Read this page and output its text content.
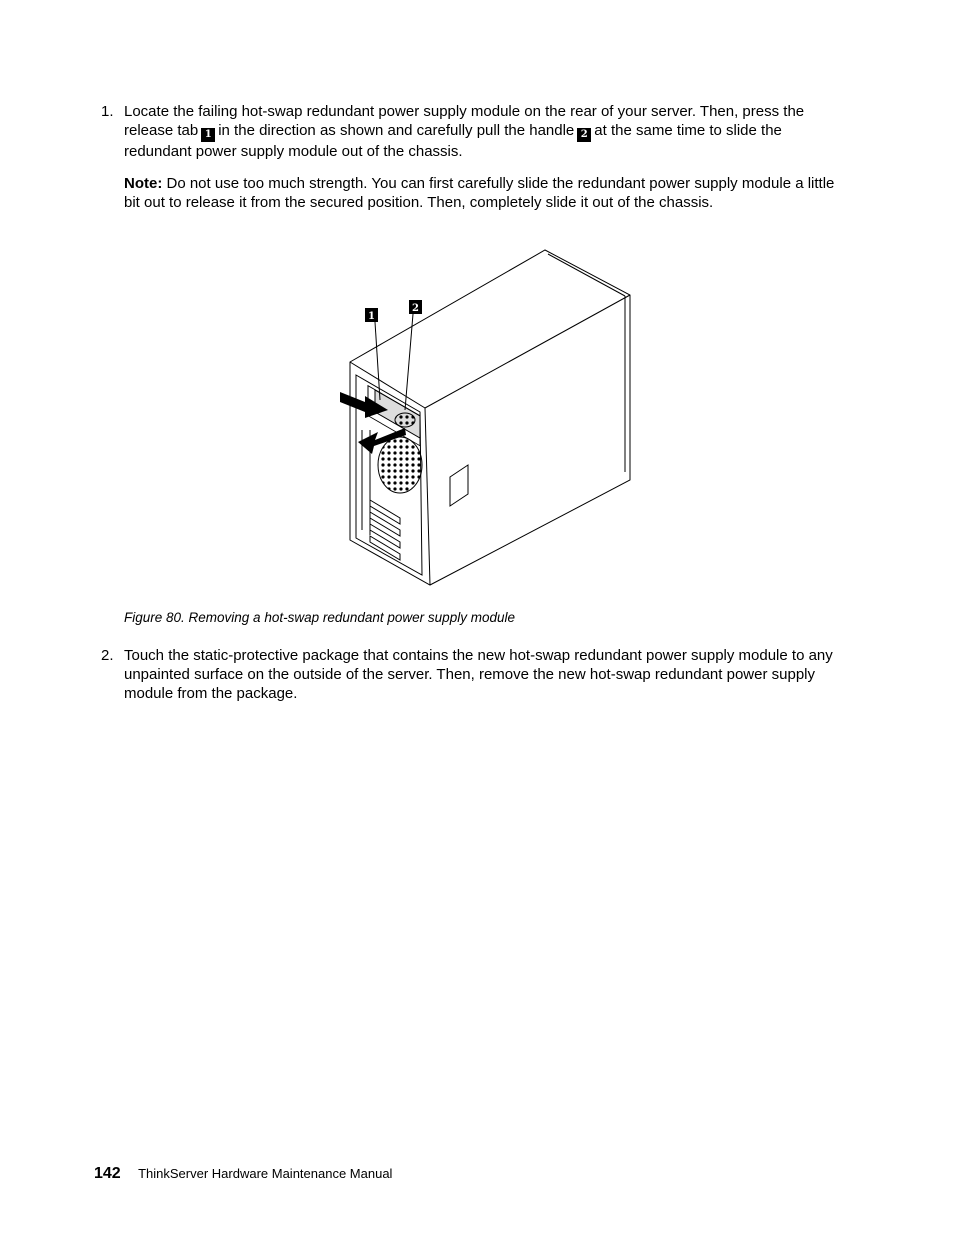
1. Locate the failing hot-swap redundant power supply module on the rear of your server. Then, press the
release tab 1 in the direction as shown and carefully pull the handle 2 at the same time to slide the
redundant power supply module out of the chassis.
Note: Do not use too much strength. You can first carefully slide the redundant power supply module a little bit out to release it from the secured position. Then, completely slide it out of the chassis.
1
2
Figure 80. Removing a hot-swap redundant power supply module
2. Touch the static-protective package that contains the new hot-swap redundant power supply module to any unpainted surface on the outside of the server. Then, remove the new hot-swap redundant power supply module from the package.
142 ThinkServer Hardware Maintenance Manual
